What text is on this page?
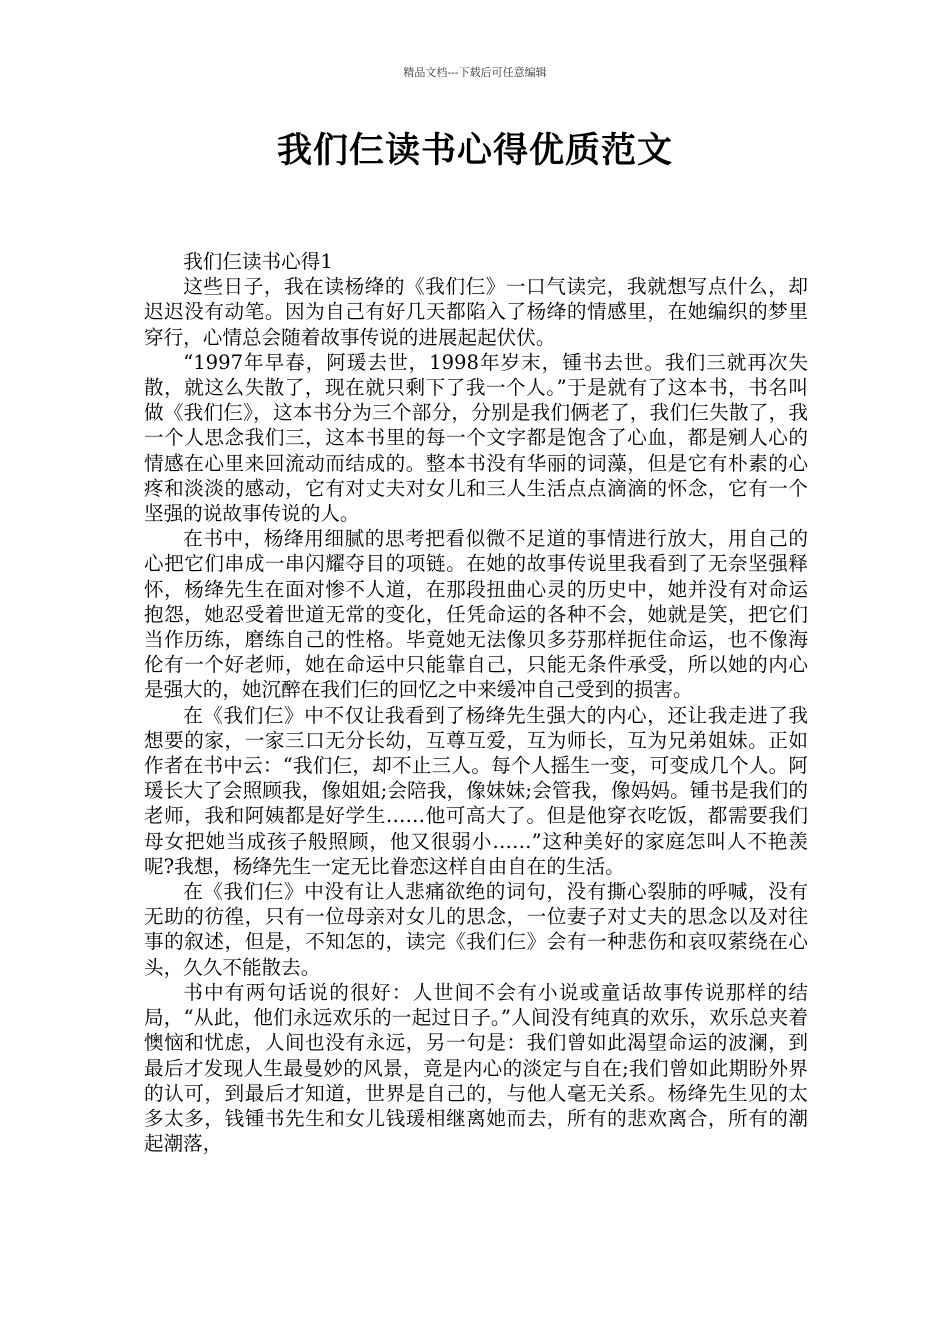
精品文档---下载后可任意编辑
我们仨读书心得优质范文

我们仨读书心得1

这些日子，我在读杨绛的《我们仨》一口气读完，我就想写点什么，却迟迟没有动笔。因为自己有好几天都陷入了杨绛的情感里，在她编织的梦里穿行，心情总会随着故事传说的进展起起伏伏。

“1997年早春，阿瑗去世，1998年岁末，锺书去世。我们三就再次失散，就这么失散了，现在就只剩下了我一个人。”于是就有了这本书，书名叫做《我们仨》，这本书分为三个部分，分别是我们俩老了，我们仨失散了，我一个人思念我们三，这本书里的每一个文字都是饱含了心血，都是剜人心的情感在心里来回流动而结成的。整本书没有华丽的词藻，但是它有朴素的心疼和淡淡的感动，它有对丈夫对女儿和三人生活点点滴滴的怀念，它有一个坚强的说故事传说的人。

在书中，杨绛用细腻的思考把看似微不足道的事情进行放大，用自己的心把它们串成一串闪耀夺目的项链。在她的故事传说里我看到了无奈坚强释怀，杨绛先生在面对惨不人道，在那段扭曲心灵的历史中，她并没有对命运抱怨，她忍受着世道无常的变化，任凭命运的各种不会，她就是笑，把它们当作历练，磨练自己的性格。毕竟她无法像贝多芬那样扼住命运，也不像海伦有一个好老师，她在命运中只能靠自己，只能无条件承受，所以她的内心是强大的，她沉醉在我们仨的回忆之中来缓冲自己受到的损害。

在《我们仨》中不仅让我看到了杨绛先生强大的内心，还让我走进了我想要的家，一家三口无分长幼，互尊互爱，互为师长，互为兄弟姐妹。正如作者在书中云：“我们仨，却不止三人。每个人摇生一变，可变成几个人。阿瑗长大了会照顾我，像姐姐;会陪我，像妹妹;会管我，像妈妈。锺书是我们的老师，我和阿姨都是好学生……他可高大了。但是他穿衣吃饭，都需要我们母女把她当成孩子般照顾，他又很弱小……”这种美好的家庭怎叫人不艳羡呢?我想，杨绛先生一定无比眷恋这样自由自在的生活。

在《我们仨》中没有让人悲痛欲绝的词句，没有撕心裂肺的呼喊，没有无助的彷徨，只有一位母亲对女儿的思念，一位妻子对丈夫的思念以及对往事的叙述，但是，不知怎的，读完《我们仨》会有一种悲伤和哀叹萦绕在心头，久久不能散去。

书中有两句话说的很好：人世间不会有小说或童话故事传说那样的结局，“从此，他们永远欢乐的一起过日子。”人间没有纯真的欢乐，欢乐总夹着懊恼和忧虑，人间也没有永远，另一句是：我们曾如此渴望命运的波澜，到最后才发现人生最曼妙的风景，竟是内心的淡定与自在;我们曾如此期盼外界的认可，到最后才知道，世界是自己的，与他人毫无关系。杨绛先生见的太多太多，钱锺书先生和女儿钱瑗相继离她而去，所有的悲欢离合，所有的潮起潮落，
